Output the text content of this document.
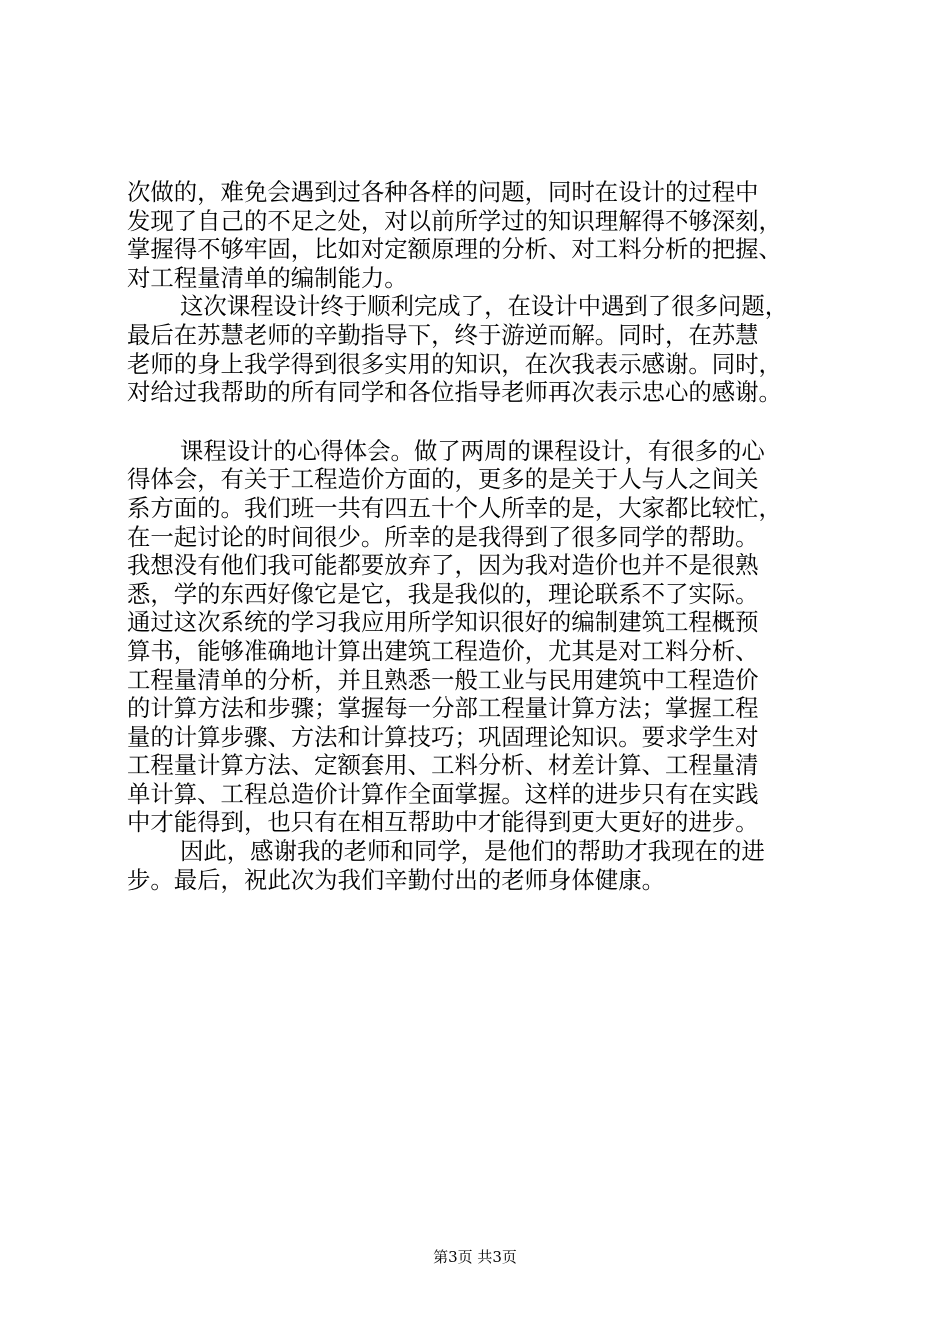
次做的，难免会遇到过各种各样的问题，同时在设计的过程中
发现了自己的不足之处，对以前所学过的知识理解得不够深刻，
掌握得不够牢固，比如对定额原理的分析、对工料分析的把握、
对工程量清单的编制能力。
这次课程设计终于顺利完成了，在设计中遇到了很多问题，
最后在苏慧老师的辛勤指导下，终于游逆而解。同时，在苏慧
老师的身上我学得到很多实用的知识，在次我表示感谢。同时，
对给过我帮助的所有同学和各位指导老师再次表示忠心的感谢。
课程设计的心得体会。做了两周的课程设计，有很多的心
得体会，有关于工程造价方面的，更多的是关于人与人之间关
系方面的。我们班一共有四五十个人所幸的是，大家都比较忙，
在一起讨论的时间很少。所幸的是我得到了很多同学的帮助。
我想没有他们我可能都要放弃了，因为我对造价也并不是很熟
悉，学的东西好像它是它，我是我似的，理论联系不了实际。
通过这次系统的学习我应用所学知识很好的编制建筑工程概预
算书，能够准确地计算出建筑工程造价，尤其是对工料分析、
工程量清单的分析，并且熟悉一般工业与民用建筑中工程造价
的计算方法和步骤；掌握每一分部工程量计算方法；掌握工程
量的计算步骤、方法和计算技巧；巩固理论知识。要求学生对
工程量计算方法、定额套用、工料分析、材差计算、工程量清
单计算、工程总造价计算作全面掌握。这样的进步只有在实践
中才能得到，也只有在相互帮助中才能得到更大更好的进步。
因此，感谢我的老师和同学，是他们的帮助才我现在的进
步。最后，祝此次为我们辛勤付出的老师身体健康。
第3页 共3页
